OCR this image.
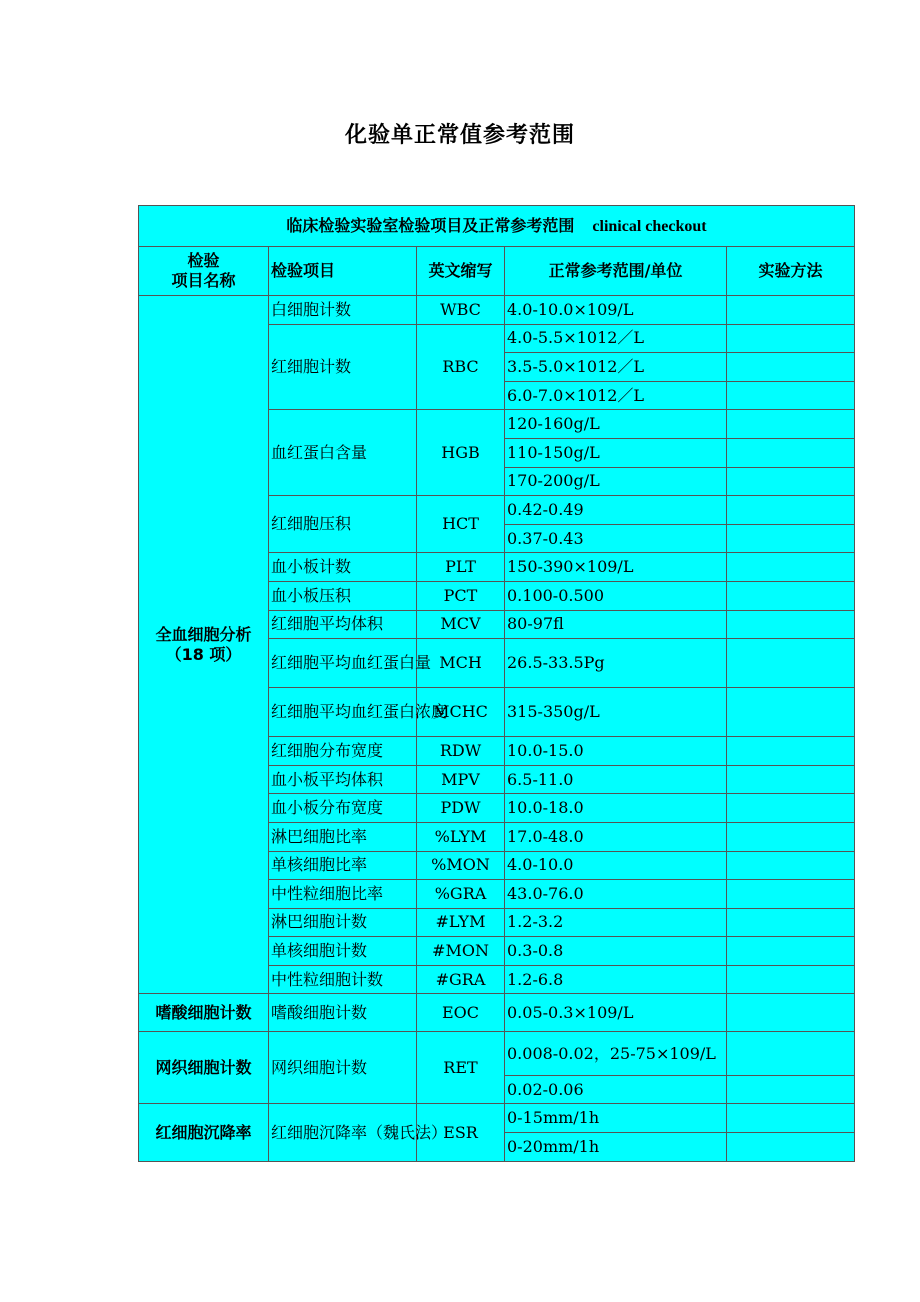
化验单正常值参考范围
临床检验实验室检验项目及正常参考范围 clinical checkout				

检验
项目名称	检验项目	英文缩写	正常参考范围/单位	实验方法

全血细胞分析
（18 项）	白细胞计数	WBC	4.0-10.0×109/L	
	红细胞计数	RBC	4.0-5.5×1012／L	
			3.5-5.0×1012／L	
			6.0-7.0×1012／L	
	血红蛋白含量	HGB	120-160g/L	
			110-150g/L	
			170-200g/L	
	红细胞压积	HCT	0.42-0.49	
			0.37-0.43	
	血小板计数	PLT	150-390×109/L	
	血小板压积	PCT	0.100-0.500	
	红细胞平均体积	MCV	80-97fl	
	红细胞平均血红蛋白量	MCH	26.5-33.5Pg	
	红细胞平均血红蛋白浓度	MCHC	315-350g/L	
	红细胞分布宽度	RDW	10.0-15.0	
	血小板平均体积	MPV	6.5-11.0	
	血小板分布宽度	PDW	10.0-18.0	
	淋巴细胞比率	%LYM	17.0-48.0	
	单核细胞比率	%MON	4.0-10.0	
	中性粒细胞比率	%GRA	43.0-76.0	
	淋巴细胞计数	#LYM	1.2-3.2	
	单核细胞计数	#MON	0.3-0.8	
	中性粒细胞计数	#GRA	1.2-6.8	

嗜酸细胞计数	嗜酸细胞计数	EOC	0.05-0.3×109/L	

网织细胞计数	网织细胞计数	RET	0.008-0.02，25-75×109/L	
			0.02-0.06	

红细胞沉降率	红细胞沉降率（魏氏法）	ESR	0-15mm/1h	
			0-20mm/1h	
